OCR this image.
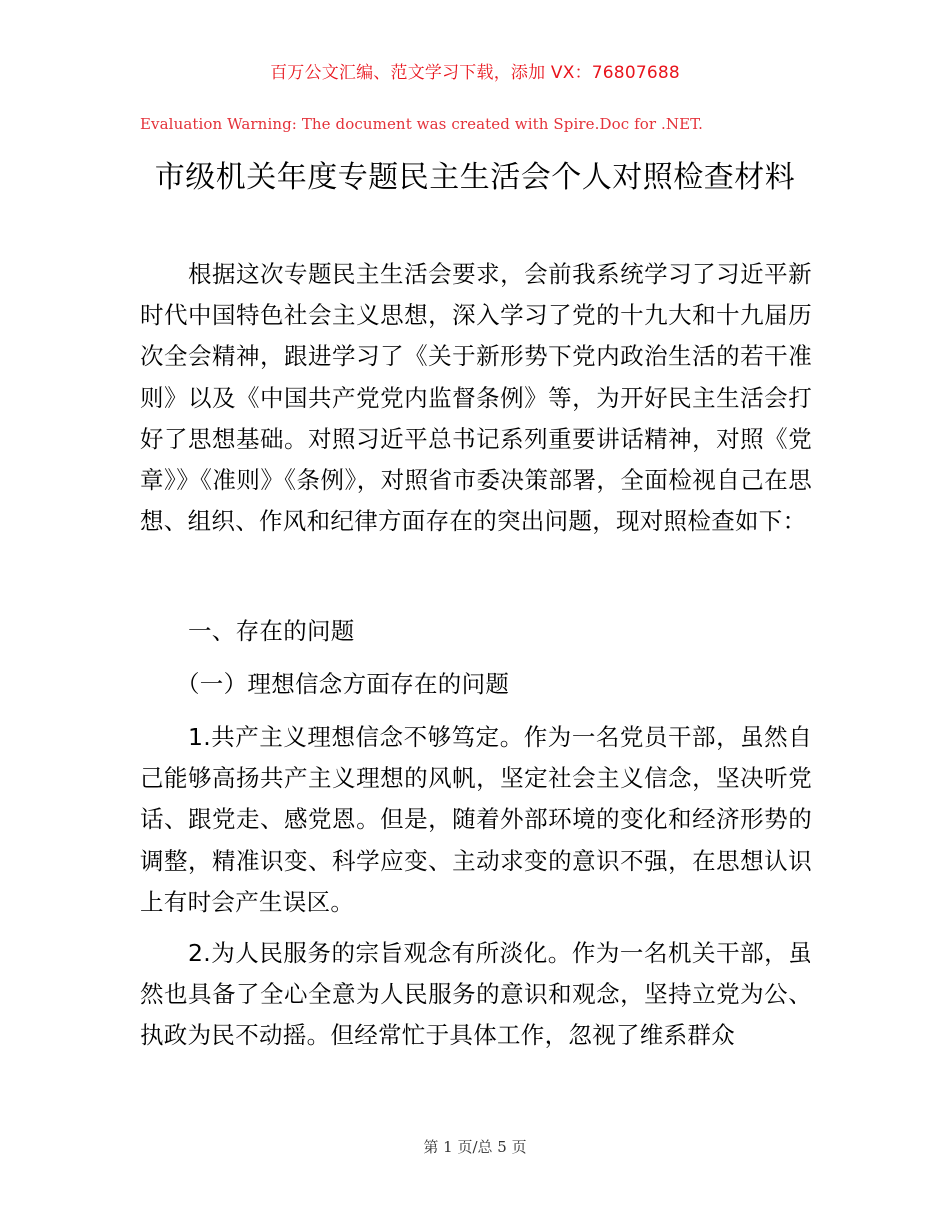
百万公文汇编、范文学习下载，添加 VX：76807688
Evaluation Warning: The document was created with Spire.Doc for .NET.
市级机关年度专题民主生活会个人对照检查材料

根据这次专题民主生活会要求，会前我系统学习了习近平新时代中国特色社会主义思想，深入学习了党的十九大和十九届历次全会精神，跟进学习了《关于新形势下党内政治生活的若干准则》以及《中国共产党党内监督条例》等，为开好民主生活会打好了思想基础。对照习近平总书记系列重要讲话精神，对照《党章》》《准则》《条例》，对照省市委决策部署，全面检视自己在思想、组织、作风和纪律方面存在的突出问题，现对照检查如下：

一、存在的问题
（一）理想信念方面存在的问题

1.共产主义理想信念不够笃定。作为一名党员干部，虽然自己能够高扬共产主义理想的风帆，坚定社会主义信念，坚决听党话、跟党走、感党恩。但是，随着外部环境的变化和经济形势的调整，精准识变、科学应变、主动求变的意识不强，在思想认识上有时会产生误区。

2.为人民服务的宗旨观念有所淡化。作为一名机关干部，虽然也具备了全心全意为人民服务的意识和观念，坚持立党为公、执政为民不动摇。但经常忙于具体工作，忽视了维系群众

第 1 页/总 5 页
